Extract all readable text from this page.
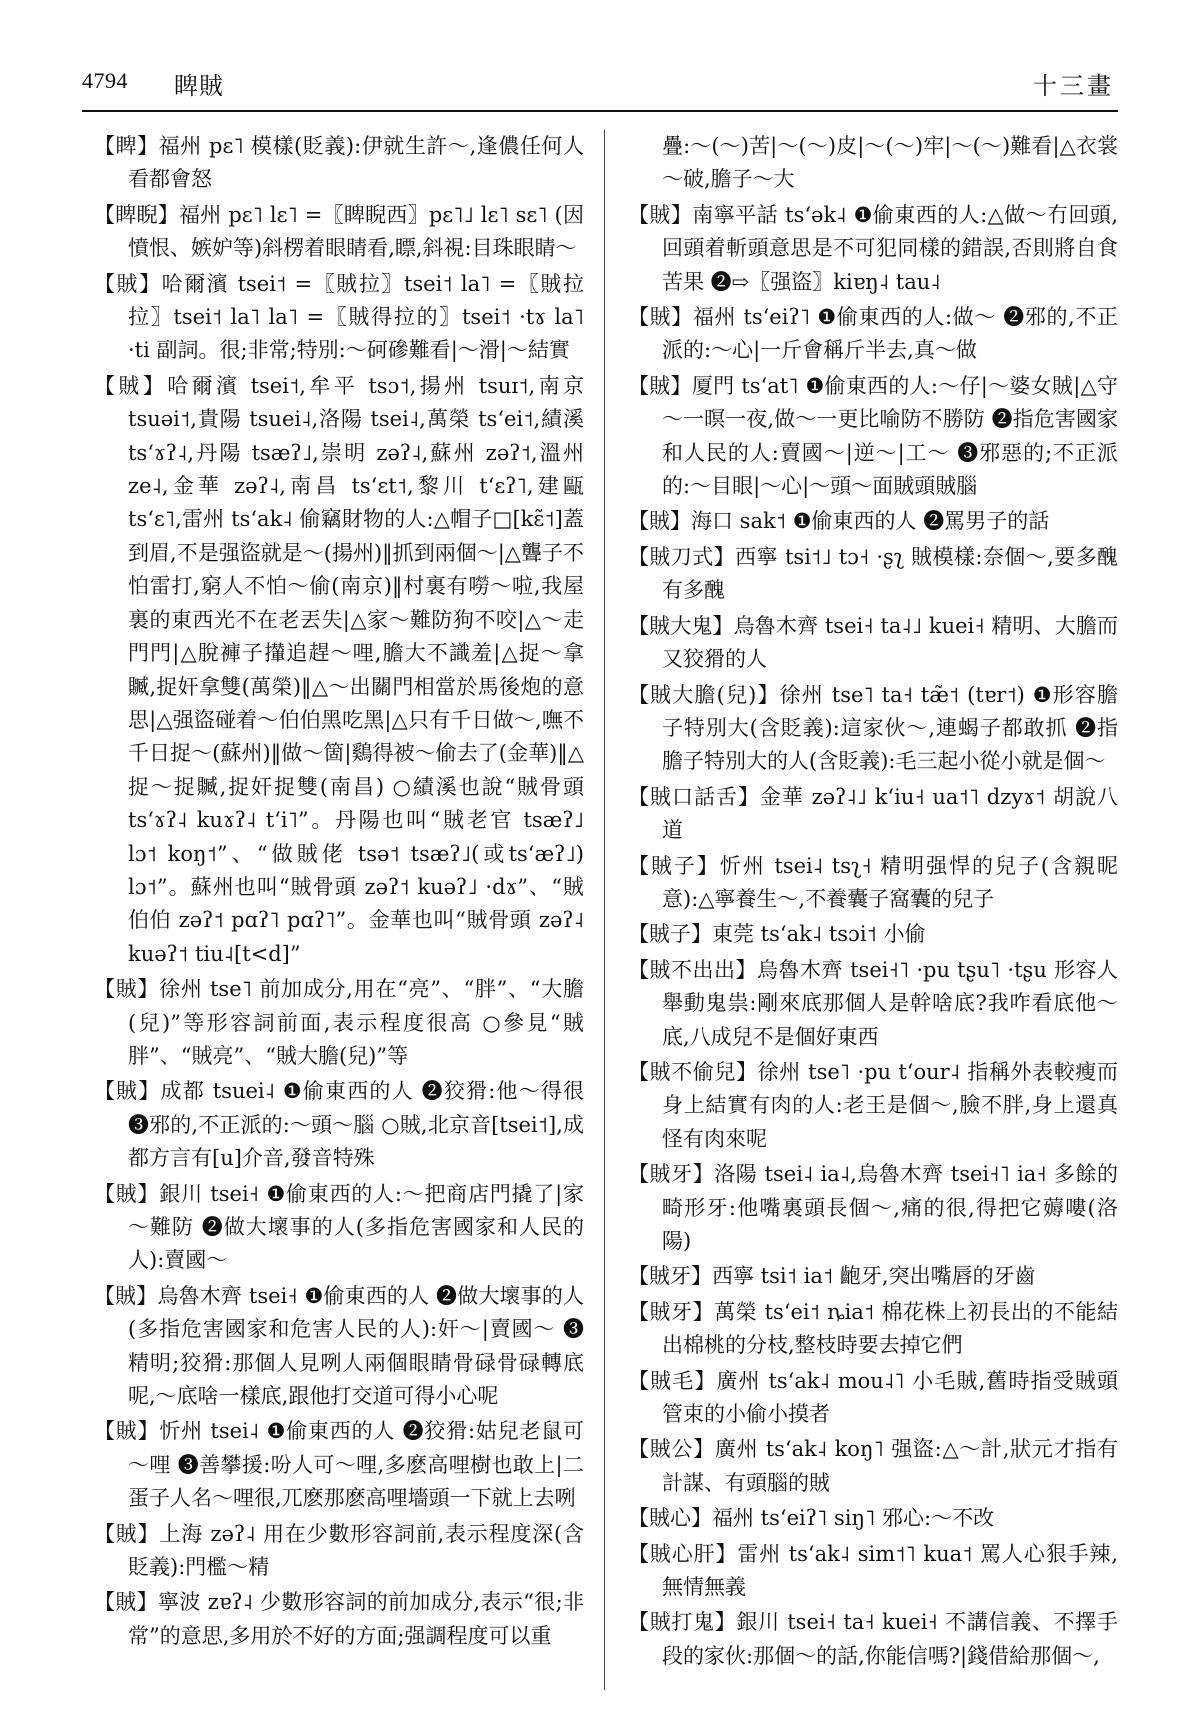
4794 睥賊	十三畫

【睥】福州 pɛ˥ 模樣(貶義):伊就生許～,逢儂任何人看都會怒

【睥睨】福州 pɛ˥ lɛ˥ =〖睥睨西〗pɛ˥˩ lɛ˥ sɛ˥ (因憤恨、嫉妒等)斜楞着眼睛看,瞟,斜視:目珠眼睛～

【賊】哈爾濱 tsei˦ =〖賊拉〗tsei˦ la˥ =〖賊拉拉〗tsei˦ la˥ la˥ =〖賊得拉的〗tsei˦ ·tɤ la˥ ·ti 副詞。很;非常;特別:～砢磣難看|～滑|～結實

【賊】哈爾濱 tsei˦,牟平 tsɔ˦,揚州 tsuɪ˦,南京 tsuəi˦,貴陽 tsuei˨,洛陽 tsei˨,萬榮 tsʻei˦,績溪 tsʻɤʔ˨,丹陽 tsæʔ˩,崇明 zəʔ˨,蘇州 zəʔ˦,溫州 ze˨,金華 zəʔ˨,南昌 tsʻɛt˦,黎川 tʻɛʔ˥,建甌 tsʻɛ˥,雷州 tsʻak˨ 偷竊財物的人:△帽子□[kɛ̃˦]蓋到眉,不是强盜就是～(揚州)‖抓到兩個～|△聾子不怕雷打,窮人不怕～偷(南京)‖村裏有嘮～啦,我屋裏的東西光不在老丟失|△家～難防狗不咬|△～走門門|△脫褲子攆追趕～哩,膽大不識羞|△捉～拿贓,捉奸拿雙(萬榮)‖△～出關門相當於馬後炮的意思|△强盜碰着～伯伯黑吃黑|△只有千日做～,嘸不千日捉～(蘇州)‖做～箇|鷄得被～偷去了(金華)‖△捉～捉贓,捉奸捉雙(南昌) ○績溪也說“賊骨頭 tsʻɤʔ˨ kuɤʔ˨ tʻi˥”。丹陽也叫“賊老官 tsæʔ˩ lɔ˦ koŋ˦”、“做賊佬 tsə˦ tsæʔ˩(或tsʻæʔ˩) lɔ˦”。蘇州也叫“賊骨頭 zəʔ˦ kuəʔ˩ ·dɤ”、“賊伯伯 zəʔ˦ pɑʔ˥ pɑʔ˥”。金華也叫“賊骨頭 zəʔ˨ kuəʔ˦ tiu˨[t<d]”

【賊】徐州 tse˥ 前加成分,用在“亮”、“胖”、“大膽(兒)”等形容詞前面,表示程度很高 ○參見“賊胖”、“賊亮”、“賊大膽(兒)”等

【賊】成都 tsuei˨ ❶偷東西的人 ❷狡猾:他～得很 ❸邪的,不正派的:～頭～腦 ○賊,北京音[tsei˦],成都方言有[u]介音,發音特殊

【賊】銀川 tsei˧ ❶偷東西的人:～把商店門撬了|家～難防 ❷做大壞事的人(多指危害國家和人民的人):賣國～

【賊】烏魯木齊 tsei˧ ❶偷東西的人 ❷做大壞事的人(多指危害國家和危害人民的人):奸～|賣國～ ❸精明;狡猾:那個人見咧人兩個眼睛骨碌骨碌轉底呢,～底啥一樣底,跟他打交道可得小心呢

【賊】忻州 tsei˨ ❶偷東西的人 ❷狡猾:姑兒老鼠可～哩 ❸善攀援:吩人可～哩,多麽高哩樹也敢上|二蛋子人名～哩很,兀麽那麽高哩墻頭一下就上去咧

【賊】上海 zəʔ˨ 用在少數形容詞前,表示程度深(含貶義):門檻～精

【賊】寧波 zɐʔ˨ 少數形容詞的前加成分,表示“很;非常”的意思,多用於不好的方面;强調程度可以重

疊:～(～)苦|～(～)皮|～(～)牢|～(～)難看|△衣裳～破,膽子～大

【賊】南寧平話 tsʻək˨ ❶偷東西的人:△做～冇回頭,回頭着斬頭意思是不可犯同樣的錯誤,否則將自食苦果 ❷⇨〖强盜〗kiɐŋ˨ tau˨

【賊】福州 tsʻeiʔ˥ ❶偷東西的人:做～ ❷邪的,不正派的:～心|一斤會稱斤半去,真～做

【賊】厦門 tsʻat˥ ❶偷東西的人:～仔|～婆女賊|△守～一暝一夜,做～一更比喻防不勝防 ❷指危害國家和人民的人:賣國～|逆～|工～ ❸邪惡的;不正派的:～目眼|～心|～頭～面賊頭賊腦

【賊】海口 sak˦ ❶偷東西的人 ❷罵男子的話

【賊刀式】西寧 tsi˦˩ tɔ˧ ·ʂʅ 賊模樣:奈個～,要多醜有多醜

【賊大鬼】烏魯木齊 tsei˧ ta˨˩ kuei˧ 精明、大膽而又狡猾的人

【賊大膽(兒)】徐州 tse˥ ta˧ tæ̃˦ (tɐr˦) ❶形容膽子特別大(含貶義):這家伙～,連蝎子都敢抓 ❷指膽子特別大的人(含貶義):毛三起小從小就是個～

【賊口話舌】金華 zəʔ˨˩ kʻiu˧ ua˦˥ dzyɤ˦ 胡說八道

【賊子】忻州 tsei˨ tsʅ˧ 精明强悍的兒子(含親昵意):△寧養生～,不養囊子窩囊的兒子

【賊子】東莞 tsʻak˨ tsɔi˦ 小偷

【賊不出出】烏魯木齊 tsei˧˥ ·pu tʂu˥ ·tʂu 形容人舉動鬼祟:剛來底那個人是幹啥底?我咋看底他～底,八成兒不是個好東西

【賊不偷兒】徐州 tse˥ ·pu tʻour˨ 指稱外表較瘦而身上結實有肉的人:老王是個～,臉不胖,身上還真怪有肉來呢

【賊牙】洛陽 tsei˨ ia˨,烏魯木齊 tsei˧˥ ia˧ 多餘的畸形牙:他嘴裏頭長個～,痛的很,得把它薅嘍(洛陽)

【賊牙】西寧 tsi˦ ia˦ 齙牙,突出嘴唇的牙齒

【賊牙】萬榮 tsʻei˦ ȵia˦ 棉花株上初長出的不能結出棉桃的分枝,整枝時要去掉它們

【賊毛】廣州 tsʻak˨ mou˨˥ 小毛賊,舊時指受賊頭管束的小偷小摸者

【賊公】廣州 tsʻak˨ koŋ˥ 强盜:△～計,狀元才指有計謀、有頭腦的賊

【賊心】福州 tsʻeiʔ˥ siŋ˥ 邪心:～不改

【賊心肝】雷州 tsʻak˨ sim˦˥ kua˦ 罵人心狠手辣,無情無義

【賊打鬼】銀川 tsei˧ ta˧ kuei˧ 不講信義、不擇手段的家伙:那個～的話,你能信嗎?|錢借給那個～,
